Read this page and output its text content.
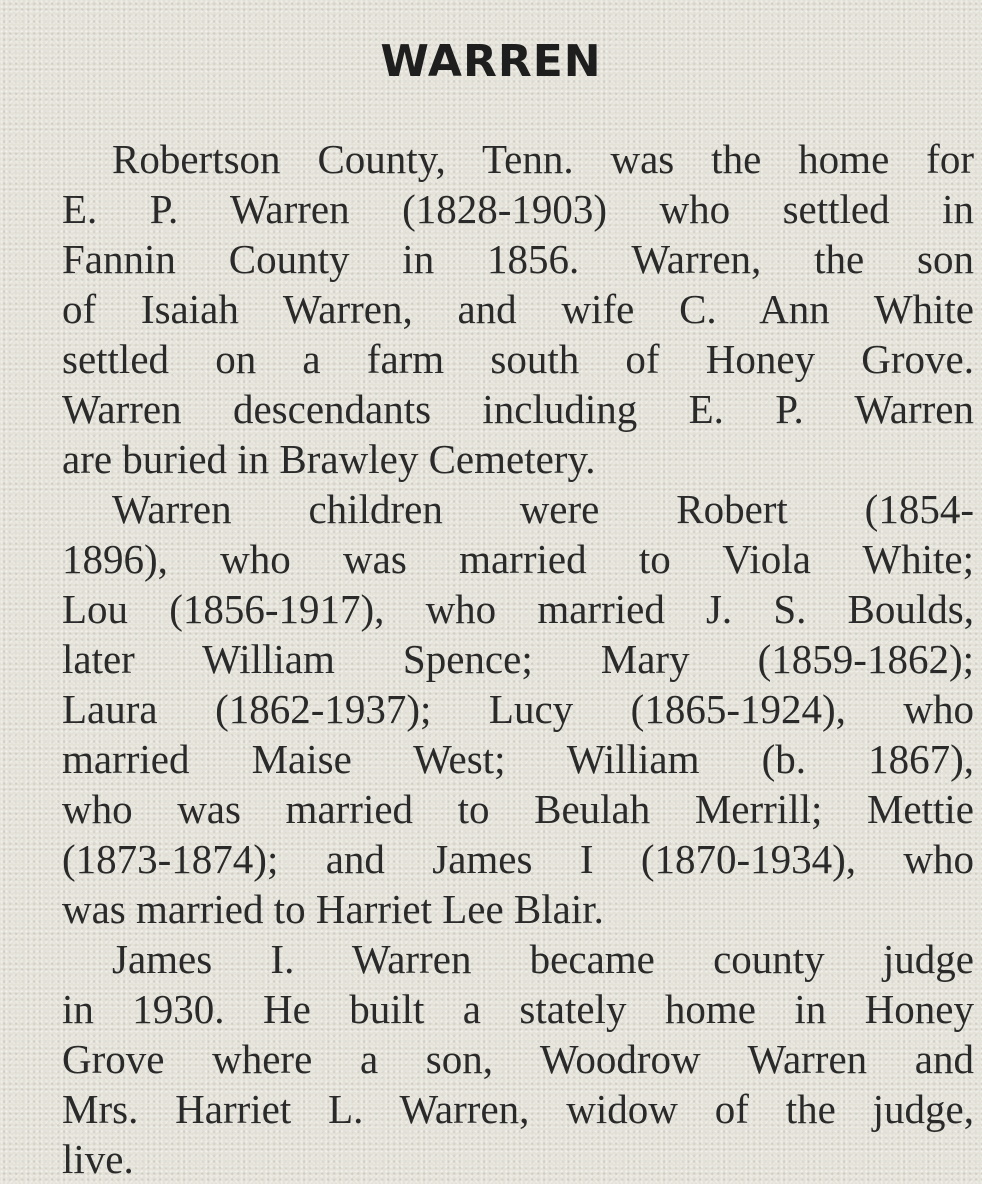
WARREN

Robertson County, Tenn. was the home for
E. P. Warren (1828-1903) who settled in
Fannin County in 1856. Warren, the son
of Isaiah Warren, and wife C. Ann White
settled on a farm south of Honey Grove.
Warren descendants including E. P. Warren
are buried in Brawley Cemetery.

Warren children were Robert (1854-
1896), who was married to Viola White;
Lou (1856-1917), who married J. S. Boulds,
later William Spence; Mary (1859-1862);
Laura (1862-1937); Lucy (1865-1924), who
married Maise West; William (b. 1867),
who was married to Beulah Merrill; Mettie
(1873-1874); and James I (1870-1934), who
was married to Harriet Lee Blair.

James I. Warren became county judge
in 1930. He built a stately home in Honey
Grove where a son, Woodrow Warren and
Mrs. Harriet L. Warren, widow of the judge,
live.
